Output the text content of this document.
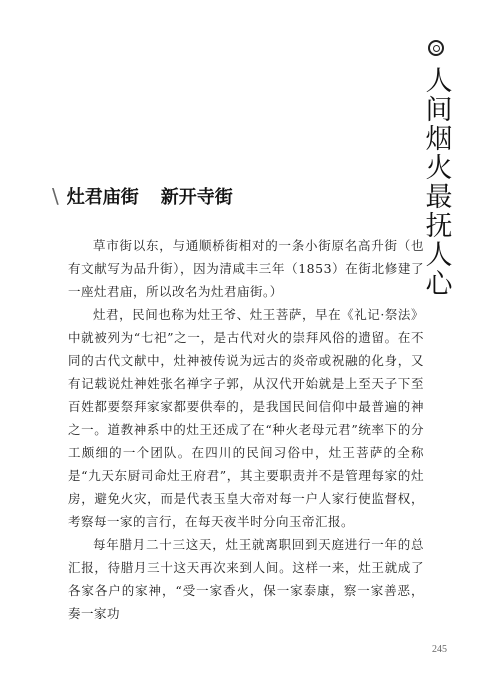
人间烟火最抚人心
\ 灶君庙街 新开寺街

草市街以东，与通顺桥街相对的一条小街原名高升街（也有文献写为品升街），因为清咸丰三年（1853）在街北修建了一座灶君庙，所以改名为灶君庙街。）

灶君，民间也称为灶王爷、灶王菩萨，早在《礼记·祭法》中就被列为“七祀”之一，是古代对火的崇拜风俗的遗留。在不同的古代文献中，灶神被传说为远古的炎帝或祝融的化身，又有记载说灶神姓张名禅字子郭，从汉代开始就是上至天子下至百姓都要祭拜家家都要供奉的，是我国民间信仰中最普遍的神之一。道教神系中的灶王还成了在“种火老母元君”统率下的分工颇细的一个团队。在四川的民间习俗中，灶王菩萨的全称是“九天东厨司命灶王府君”，其主要职责并不是管理每家的灶房，避免火灾，而是代表玉皇大帝对每一户人家行使监督权，考察每一家的言行，在每天夜半时分向玉帝汇报。

每年腊月二十三这天，灶王就离职回到天庭进行一年的总汇报，待腊月三十这天再次来到人间。这样一来，灶王就成了各家各户的家神，“受一家香火，保一家泰康，察一家善恶，奏一家功

245
